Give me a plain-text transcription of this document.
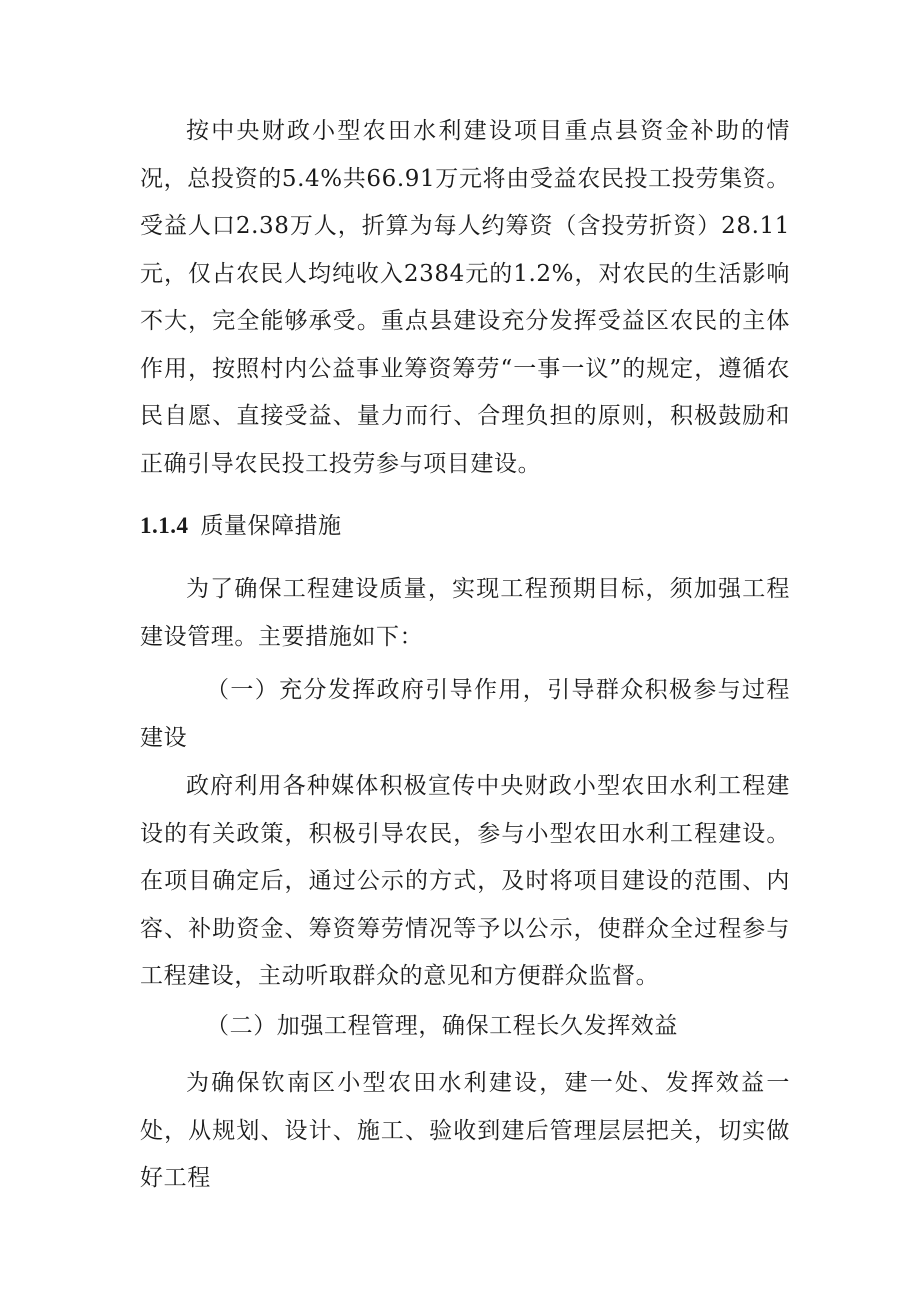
按中央财政小型农田水利建设项目重点县资金补助的情况，总投资的5.4%共66.91万元将由受益农民投工投劳集资。受益人口2.38万人，折算为每人约筹资（含投劳折资）28.11元，仅占农民人均纯收入2384元的1.2%，对农民的生活影响不大，完全能够承受。重点县建设充分发挥受益区农民的主体作用，按照村内公益事业筹资筹劳“一事一议”的规定，遵循农民自愿、直接受益、量力而行、合理负担的原则，积极鼓励和正确引导农民投工投劳参与项目建设。

1.1.4 质量保障措施

为了确保工程建设质量，实现工程预期目标，须加强工程建设管理。主要措施如下：

（一）充分发挥政府引导作用，引导群众积极参与过程建设

政府利用各种媒体积极宣传中央财政小型农田水利工程建设的有关政策，积极引导农民，参与小型农田水利工程建设。在项目确定后，通过公示的方式，及时将项目建设的范围、内容、补助资金、筹资筹劳情况等予以公示，使群众全过程参与工程建设，主动听取群众的意见和方便群众监督。

（二）加强工程管理，确保工程长久发挥效益

为确保钦南区小型农田水利建设，建一处、发挥效益一处，从规划、设计、施工、验收到建后管理层层把关，切实做好工程
